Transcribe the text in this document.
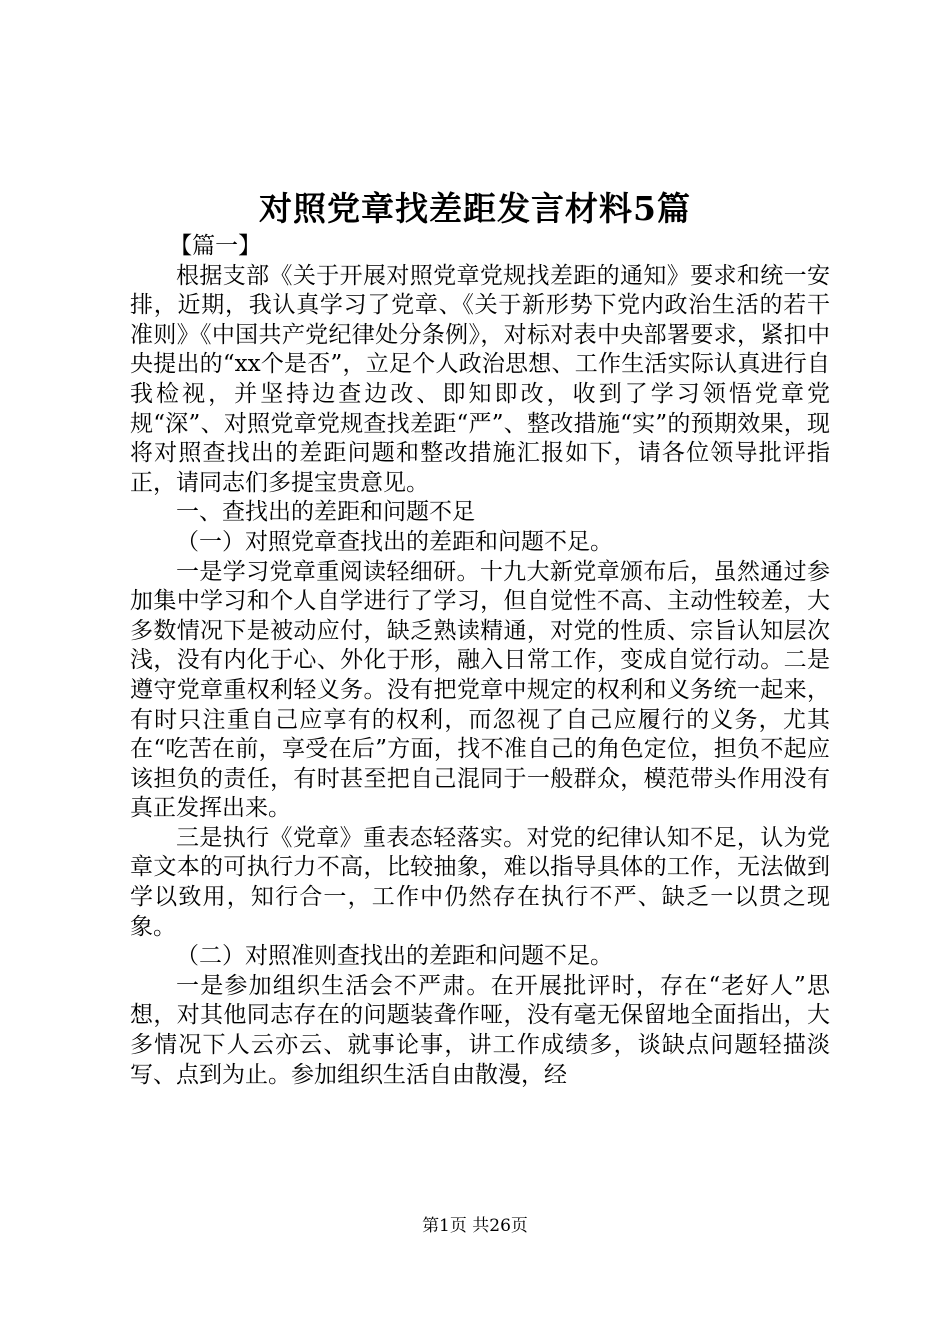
对照党章找差距发言材料5篇

【篇一】

根据支部《关于开展对照党章党规找差距的通知》要求和统一安排，近期，我认真学习了党章、《关于新形势下党内政治生活的若干准则》《中国共产党纪律处分条例》，对标对表中央部署要求，紧扣中央提出的“xx个是否”，立足个人政治思想、工作生活实际认真进行自我检视，并坚持边查边改、即知即改，收到了学习领悟党章党规“深”、对照党章党规查找差距“严”、整改措施“实”的预期效果，现将对照查找出的差距问题和整改措施汇报如下，请各位领导批评指正，请同志们多提宝贵意见。

一、查找出的差距和问题不足

（一）对照党章查找出的差距和问题不足。

一是学习党章重阅读轻细研。十九大新党章颁布后，虽然通过参加集中学习和个人自学进行了学习，但自觉性不高、主动性较差，大多数情况下是被动应付，缺乏熟读精通，对党的性质、宗旨认知层次浅，没有内化于心、外化于形，融入日常工作，变成自觉行动。二是遵守党章重权利轻义务。没有把党章中规定的权利和义务统一起来，有时只注重自己应享有的权利，而忽视了自己应履行的义务，尤其在“吃苦在前，享受在后”方面，找不准自己的角色定位，担负不起应该担负的责任，有时甚至把自己混同于一般群众，模范带头作用没有真正发挥出来。

三是执行《党章》重表态轻落实。对党的纪律认知不足，认为党章文本的可执行力不高，比较抽象，难以指导具体的工作，无法做到学以致用，知行合一，工作中仍然存在执行不严、缺乏一以贯之现象。

（二）对照准则查找出的差距和问题不足。

一是参加组织生活会不严肃。在开展批评时，存在“老好人”思想，对其他同志存在的问题装聋作哑，没有毫无保留地全面指出，大多情况下人云亦云、就事论事，讲工作成绩多，谈缺点问题轻描淡写、点到为止。参加组织生活自由散漫，经

第1页 共26页
